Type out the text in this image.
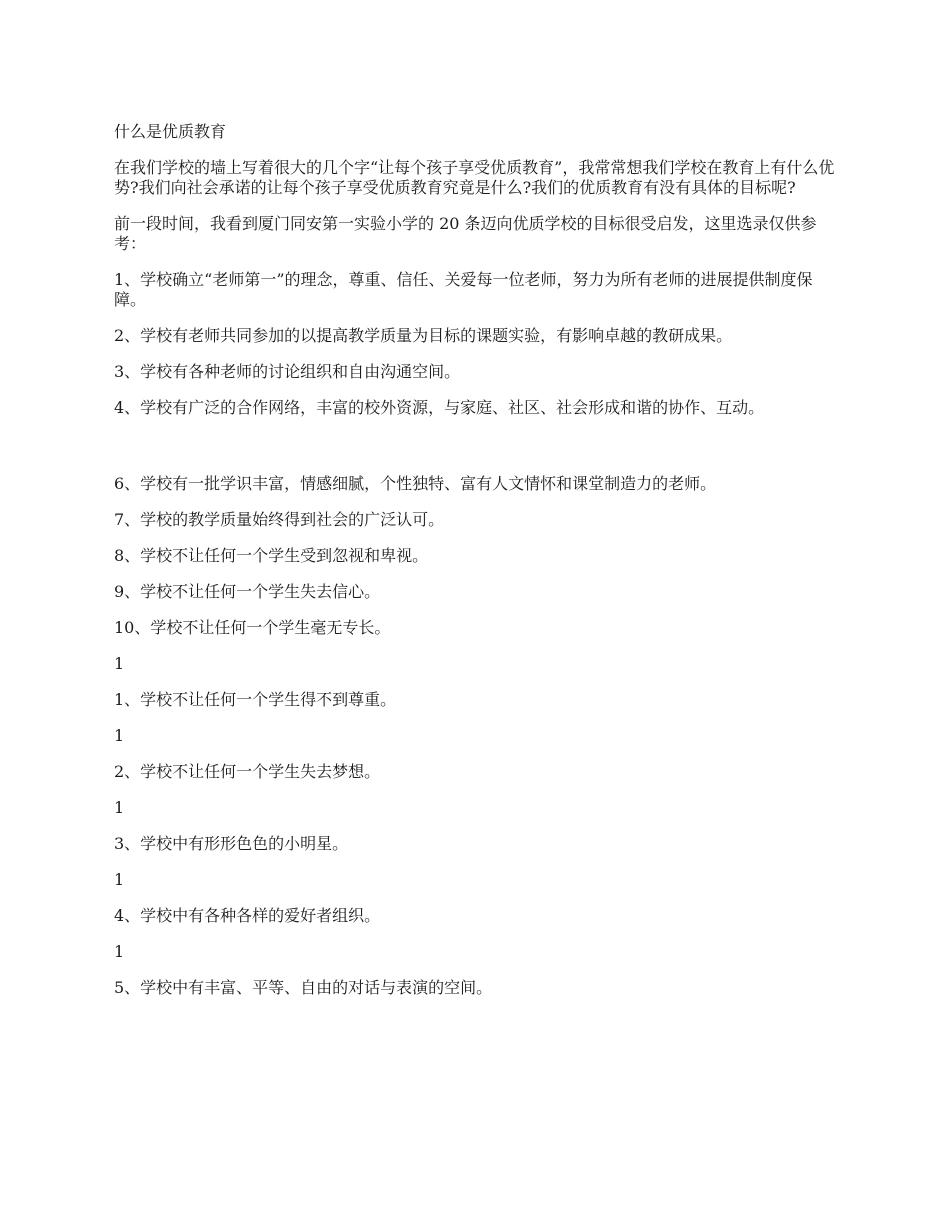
什么是优质教育

在我们学校的墙上写着很大的几个字“让每个孩子享受优质教育”，我常常想我们学校在教育上有什么优势?我们向社会承诺的让每个孩子享受优质教育究竟是什么?我们的优质教育有没有具体的目标呢?

前一段时间，我看到厦门同安第一实验小学的 20 条迈向优质学校的目标很受启发，这里选录仅供参考：

1、学校确立“老师第一”的理念，尊重、信任、关爱每一位老师，努力为所有老师的进展提供制度保障。

2、学校有老师共同参加的以提高教学质量为目标的课题实验，有影响卓越的教研成果。

3、学校有各种老师的讨论组织和自由沟通空间。

4、学校有广泛的合作网络，丰富的校外资源，与家庭、社区、社会形成和谐的协作、互动。

6、学校有一批学识丰富，情感细腻，个性独特、富有人文情怀和课堂制造力的老师。

7、学校的教学质量始终得到社会的广泛认可。

8、学校不让任何一个学生受到忽视和卑视。

9、学校不让任何一个学生失去信心。

10、学校不让任何一个学生毫无专长。

1

1、学校不让任何一个学生得不到尊重。

1

2、学校不让任何一个学生失去梦想。

1

3、学校中有形形色色的小明星。

1

4、学校中有各种各样的爱好者组织。

1

5、学校中有丰富、平等、自由的对话与表演的空间。
